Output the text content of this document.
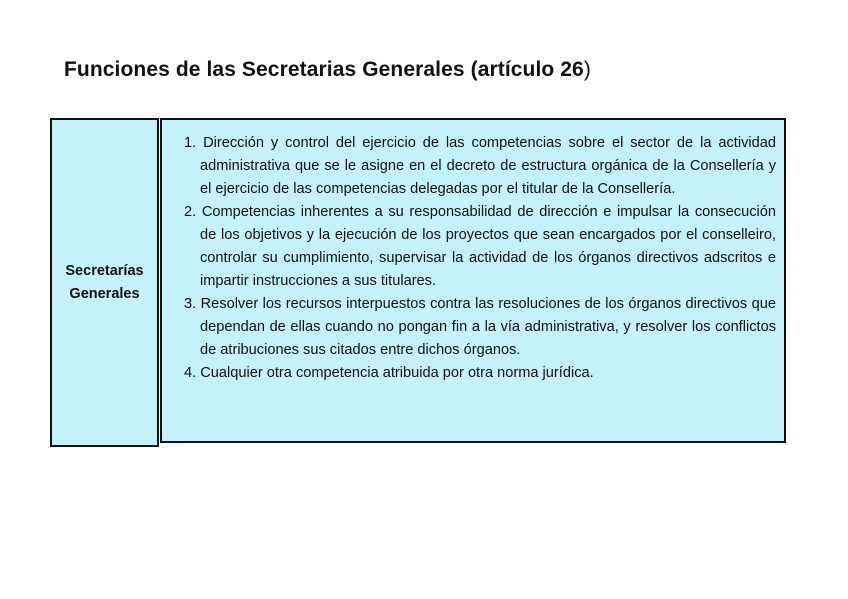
Funciones de las Secretarias Generales (artículo 26)
Secretarías
Generales
1. Dirección y control del ejercicio de las competencias sobre el sector de la actividad administrativa que se le asigne en el decreto de estructura orgánica de la Consellería y el ejercicio de las competencias delegadas por el titular de la Consellería.
2. Competencias inherentes a su responsabilidad de dirección e impulsar la consecución de los objetivos y la ejecución de los proyectos que sean encargados por el conselleiro, controlar su cumplimiento, supervisar la actividad de los órganos directivos adscritos e impartir instrucciones a sus titulares.
3. Resolver los recursos interpuestos contra las resoluciones de los órganos directivos que dependan de ellas cuando no pongan fin a la vía administrativa, y resolver los conflictos de atribuciones sus citados entre dichos órganos.
4. Cualquier otra competencia atribuida por otra norma jurídica.
